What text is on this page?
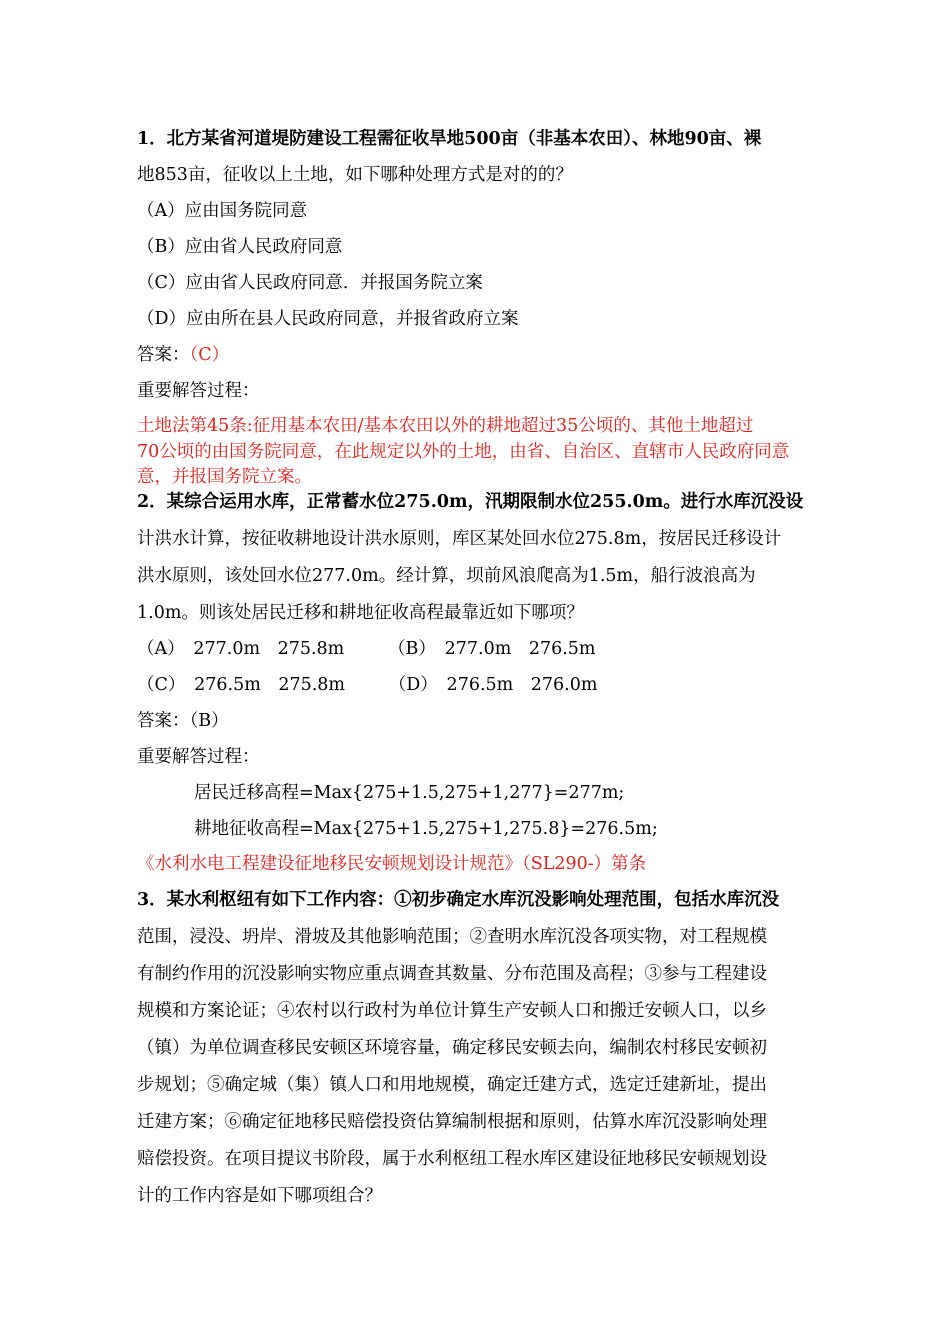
1．北方某省河道堤防建设工程需征收旱地500亩（非基本农田）、林地90亩、裸
地853亩，征收以上土地，如下哪种处理方式是对的的？
（A）应由国务院同意
（B）应由省人民政府同意
（C）应由省人民政府同意．并报国务院立案
（D）应由所在县人民政府同意，并报省政府立案
答案：（C）
重要解答过程：
土地法第45条:征用基本农田/基本农田以外的耕地超过35公顷的、其他土地超过
70公顷的由国务院同意，在此规定以外的土地，由省、自治区、直辖市人民政府同意
意，并报国务院立案。
2．某综合运用水库，正常蓄水位275.0m，汛期限制水位255.0m。进行水库沉没设
计洪水计算，按征收耕地设计洪水原则，库区某处回水位275.8m，按居民迁移设计
洪水原则，该处回水位277.0m。经计算，坝前风浪爬高为1.5m，船行波浪高为
1.0m。则该处居民迁移和耕地征收高程最靠近如下哪项？
（A）　277.0m　275.8m　　　（B）　277.0m　276.5m
（C）　276.5m　275.8m　　　（D）　276.5m　276.0m
答案：（B）
重要解答过程：
居民迁移高程=Max{275+1.5,275+1,277}=277m;
耕地征收高程=Max{275+1.5,275+1,275.8}=276.5m;
《水利水电工程建设征地移民安顿规划设计规范》（SL290-）第条
3．某水利枢纽有如下工作内容：①初步确定水库沉没影响处理范围，包括水库沉没
范围，浸没、坍岸、滑坡及其他影响范围；②查明水库沉没各项实物，对工程规模
有制约作用的沉没影响实物应重点调查其数量、分布范围及高程；③参与工程建设
规模和方案论证；④农村以行政村为单位计算生产安顿人口和搬迁安顿人口，以乡
（镇）为单位调查移民安顿区环境容量，确定移民安顿去向，编制农村移民安顿初
步规划；⑤确定城（集）镇人口和用地规模，确定迁建方式，选定迁建新址，提出
迁建方案；⑥确定征地移民赔偿投资估算编制根据和原则，估算水库沉没影响处理
赔偿投资。在项目提议书阶段，属于水利枢纽工程水库区建设征地移民安顿规划设
计的工作内容是如下哪项组合？
